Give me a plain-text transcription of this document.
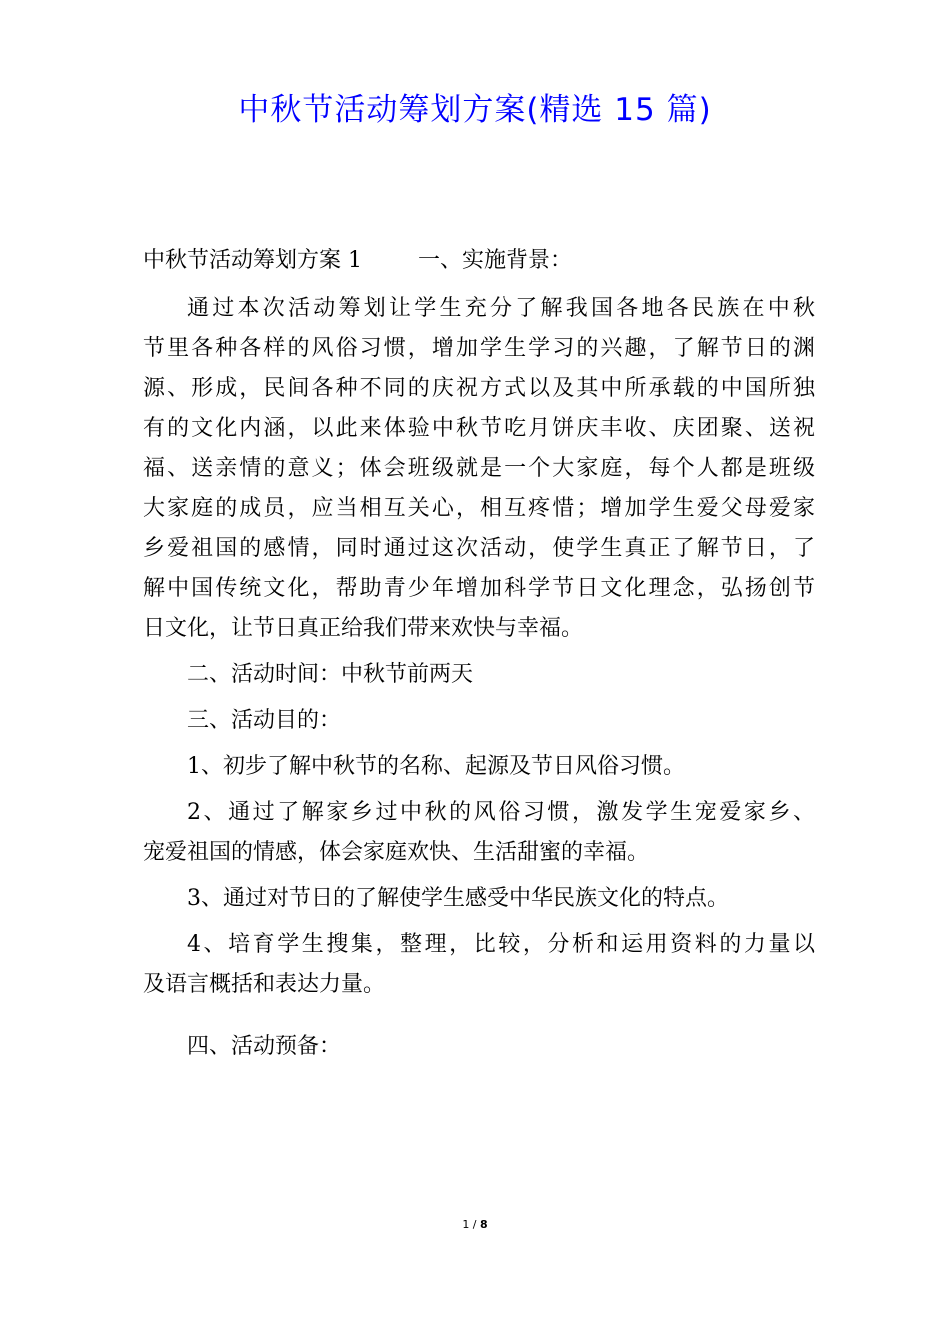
中秋节活动筹划方案(精选 15 篇)
中秋节活动筹划方案 1	一、实施背景：
通过本次活动筹划让学生充分了解我国各地各民族在中秋
节里各种各样的风俗习惯，增加学生学习的兴趣，了解节日的渊
源、形成，民间各种不同的庆祝方式以及其中所承载的中国所独
有的文化内涵，以此来体验中秋节吃月饼庆丰收、庆团聚、送祝
福、送亲情的意义；体会班级就是一个大家庭，每个人都是班级
大家庭的成员，应当相互关心，相互疼惜；增加学生爱父母爱家
乡爱祖国的感情，同时通过这次活动，使学生真正了解节日，了
解中国传统文化，帮助青少年增加科学节日文化理念，弘扬创节
日文化，让节日真正给我们带来欢快与幸福。
二、活动时间：中秋节前两天
三、活动目的：
1、初步了解中秋节的名称、起源及节日风俗习惯。
2、通过了解家乡过中秋的风俗习惯，激发学生宠爱家乡、
宠爱祖国的情感，体会家庭欢快、生活甜蜜的幸福。
3、通过对节日的了解使学生感受中华民族文化的特点。
4、培育学生搜集，整理，比较，分析和运用资料的力量以
及语言概括和表达力量。
四、活动预备：
1 / 8
